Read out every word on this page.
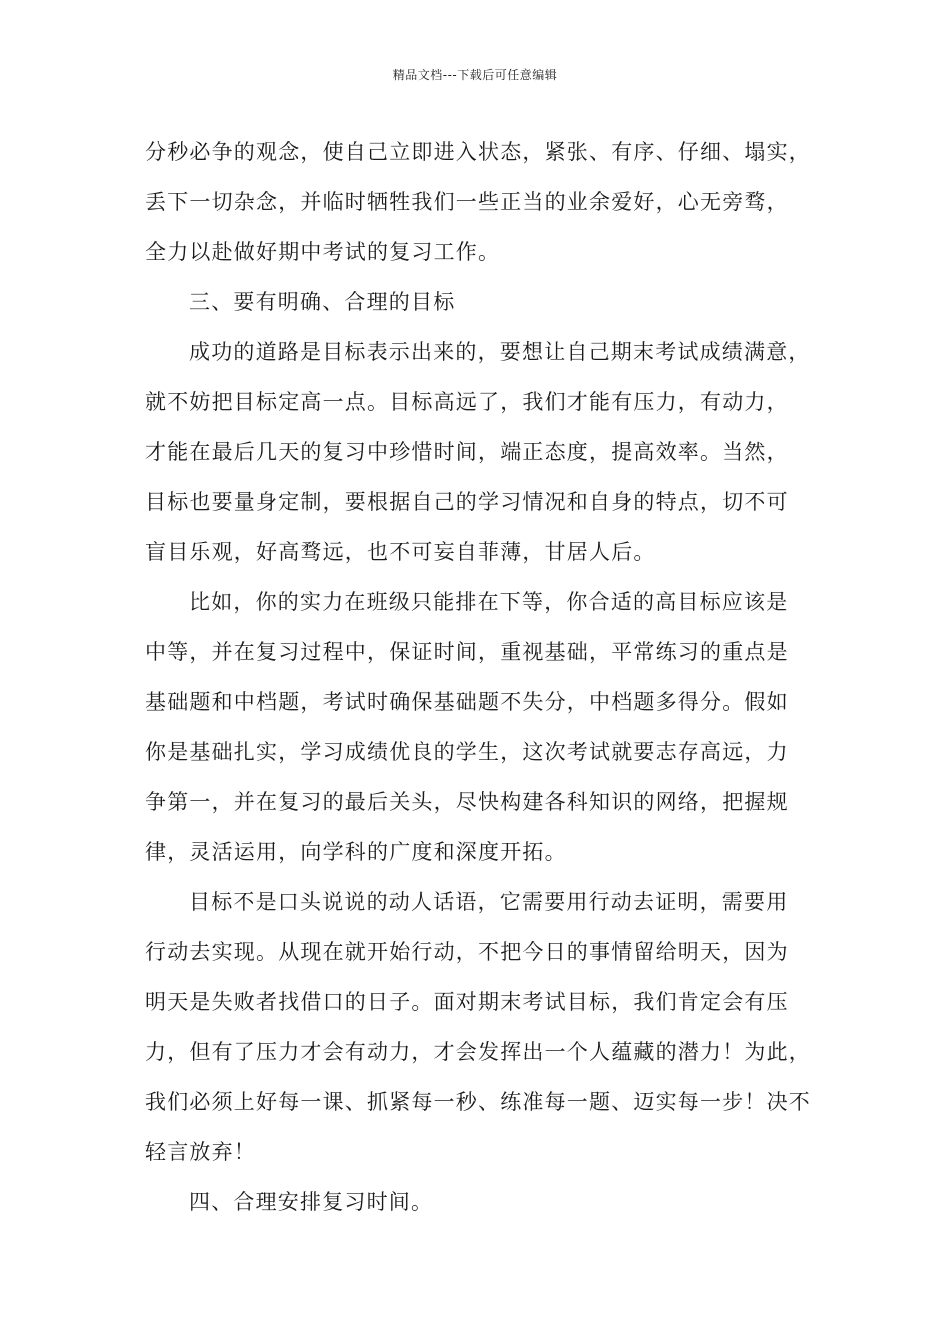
精品文档---下载后可任意编辑
分秒必争的观念，使自己立即进入状态，紧张、有序、仔细、塌实，
丢下一切杂念，并临时牺牲我们一些正当的业余爱好，心无旁骛，
全力以赴做好期中考试的复习工作。
三、要有明确、合理的目标
成功的道路是目标表示出来的，要想让自己期末考试成绩满意，
就不妨把目标定高一点。目标高远了，我们才能有压力，有动力，
才能在最后几天的复习中珍惜时间，端正态度，提高效率。当然，
目标也要量身定制，要根据自己的学习情况和自身的特点，切不可
盲目乐观，好高骛远，也不可妄自菲薄，甘居人后。
比如，你的实力在班级只能排在下等，你合适的高目标应该是
中等，并在复习过程中，保证时间，重视基础，平常练习的重点是
基础题和中档题，考试时确保基础题不失分，中档题多得分。假如
你是基础扎实，学习成绩优良的学生，这次考试就要志存高远，力
争第一，并在复习的最后关头，尽快构建各科知识的网络，把握规
律，灵活运用，向学科的广度和深度开拓。
目标不是口头说说的动人话语，它需要用行动去证明，需要用
行动去实现。从现在就开始行动，不把今日的事情留给明天，因为
明天是失败者找借口的日子。面对期末考试目标，我们肯定会有压
力，但有了压力才会有动力，才会发挥出一个人蕴藏的潜力！为此，
我们必须上好每一课、抓紧每一秒、练准每一题、迈实每一步！决不
轻言放弃！
四、合理安排复习时间。
